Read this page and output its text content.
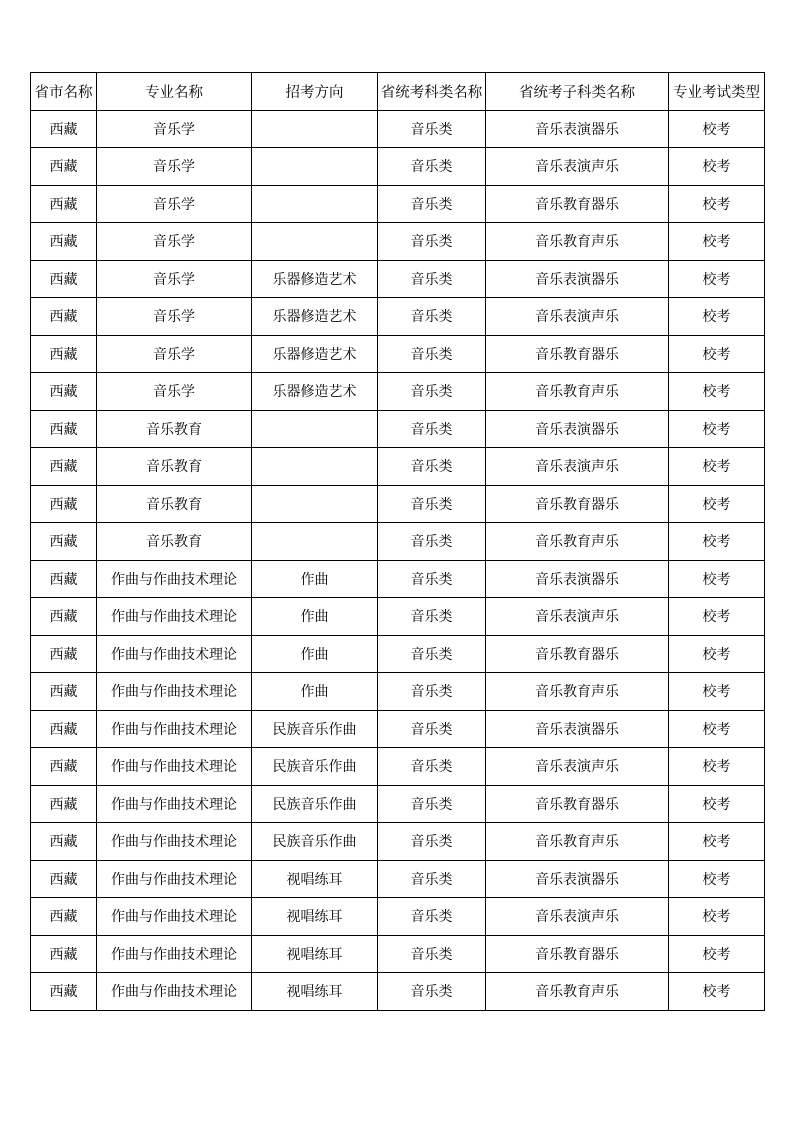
省市名称	专业名称	招考方向	省统考科类名称	省统考子科类名称	专业考试类型
西藏	音乐学		音乐类	音乐表演器乐	校考
西藏	音乐学		音乐类	音乐表演声乐	校考
西藏	音乐学		音乐类	音乐教育器乐	校考
西藏	音乐学		音乐类	音乐教育声乐	校考
西藏	音乐学	乐器修造艺术	音乐类	音乐表演器乐	校考
西藏	音乐学	乐器修造艺术	音乐类	音乐表演声乐	校考
西藏	音乐学	乐器修造艺术	音乐类	音乐教育器乐	校考
西藏	音乐学	乐器修造艺术	音乐类	音乐教育声乐	校考
西藏	音乐教育		音乐类	音乐表演器乐	校考
西藏	音乐教育		音乐类	音乐表演声乐	校考
西藏	音乐教育		音乐类	音乐教育器乐	校考
西藏	音乐教育		音乐类	音乐教育声乐	校考
西藏	作曲与作曲技术理论	作曲	音乐类	音乐表演器乐	校考
西藏	作曲与作曲技术理论	作曲	音乐类	音乐表演声乐	校考
西藏	作曲与作曲技术理论	作曲	音乐类	音乐教育器乐	校考
西藏	作曲与作曲技术理论	作曲	音乐类	音乐教育声乐	校考
西藏	作曲与作曲技术理论	民族音乐作曲	音乐类	音乐表演器乐	校考
西藏	作曲与作曲技术理论	民族音乐作曲	音乐类	音乐表演声乐	校考
西藏	作曲与作曲技术理论	民族音乐作曲	音乐类	音乐教育器乐	校考
西藏	作曲与作曲技术理论	民族音乐作曲	音乐类	音乐教育声乐	校考
西藏	作曲与作曲技术理论	视唱练耳	音乐类	音乐表演器乐	校考
西藏	作曲与作曲技术理论	视唱练耳	音乐类	音乐表演声乐	校考
西藏	作曲与作曲技术理论	视唱练耳	音乐类	音乐教育器乐	校考
西藏	作曲与作曲技术理论	视唱练耳	音乐类	音乐教育声乐	校考
